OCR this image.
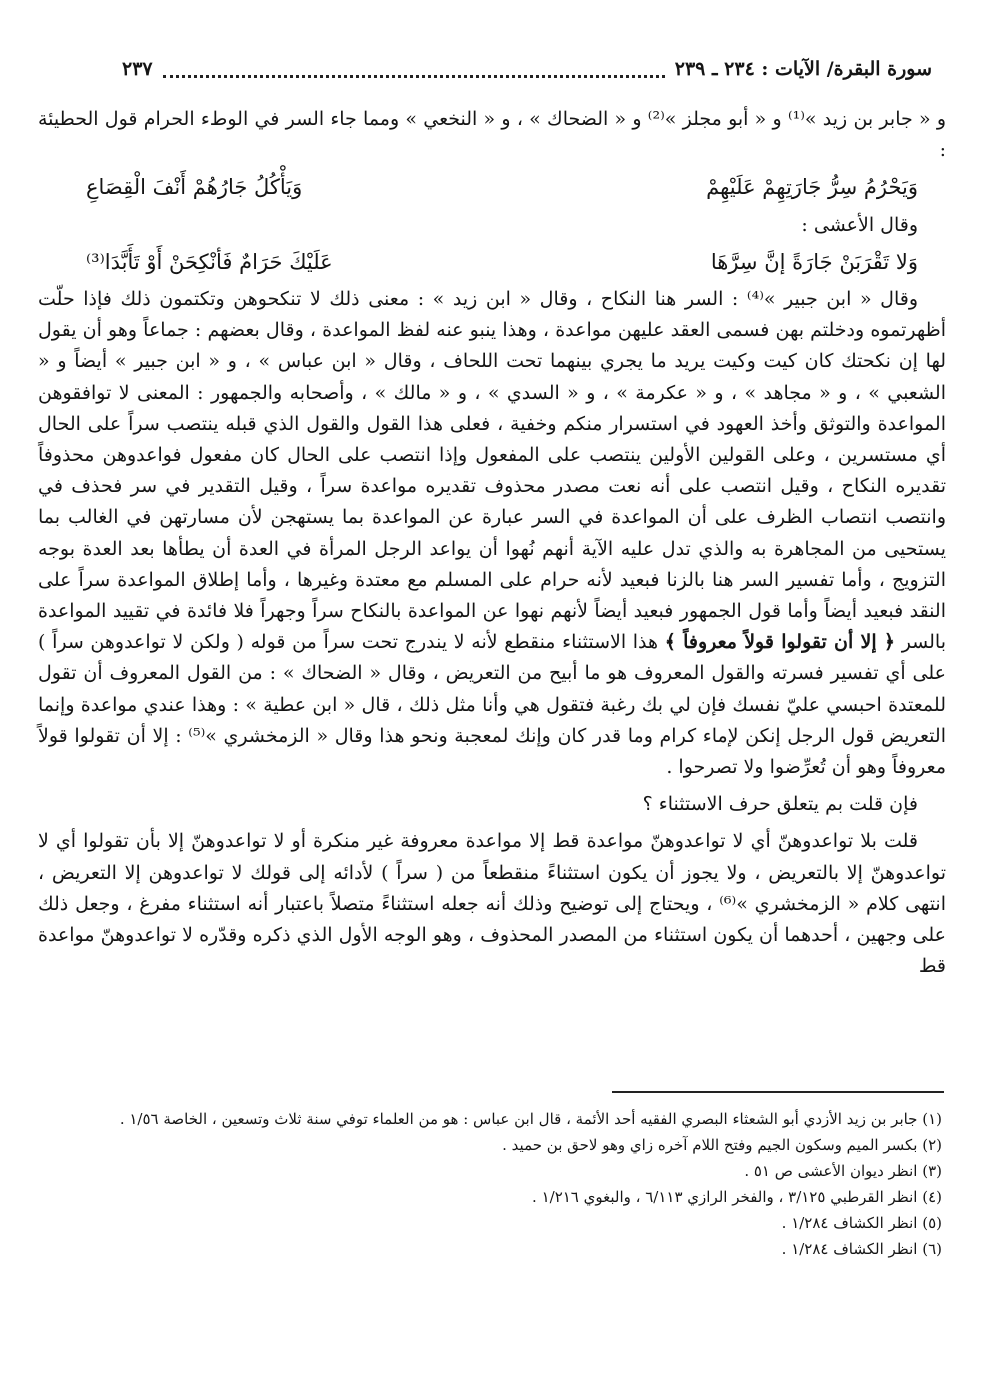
سورة البقرة/ الآيات : ٢٣٤ ـ ٢٣٩
٢٣٧

و « جابر بن زيد »⁽¹⁾ و « أبو مجلز »⁽²⁾ و « الضحاك » ، و « النخعي » ومما جاء السر في الوطء الحرام قول الحطيئة :

وَيَحْرُمُ سِرُّ جَارَتِهِمْ عَلَيْهِمْ
وَيَأْكُلُ جَارُهُمْ أَنْفَ الْقِصَاعِ

وقال الأعشى :

وَلا تَقْرَبَنْ جَارَةً إنَّ سِرَّهَا
عَلَيْكَ حَرَامٌ فَأنْكِحَنْ أَوْ تَأَبَّدَا⁽³⁾

وقال « ابن جبير »⁽⁴⁾ : السر هنا النكاح ، وقال « ابن زيد » : معنى ذلك لا تنكحوهن وتكتمون ذلك فإذا حلّت أظهرتموه ودخلتم بهن فسمى العقد عليهن مواعدة ، وهذا ينبو عنه لفظ المواعدة ، وقال بعضهم : جماعاً وهو أن يقول لها إن نكحتك كان كيت وكيت يريد ما يجري بينهما تحت اللحاف ، وقال « ابن عباس » ، و « ابن جبير » أيضاً و « الشعبي » ، و « مجاهد » ، و « عكرمة » ، و « السدي » ، و « مالك » ، وأصحابه والجمهور : المعنى لا توافقوهن المواعدة والتوثق وأخذ العهود في استسرار منكم وخفية ، فعلى هذا القول والقول الذي قبله ينتصب سراً على الحال أي مستسرين ، وعلى القولين الأولين ينتصب على المفعول وإذا انتصب على الحال كان مفعول فواعدوهن محذوفاً تقديره النكاح ، وقيل انتصب على أنه نعت مصدر محذوف تقديره مواعدة سراً ، وقيل التقدير في سر فحذف في وانتصب انتصاب الظرف على أن المواعدة في السر عبارة عن المواعدة بما يستهجن لأن مسارتهن في الغالب بما يستحيى من المجاهرة به والذي تدل عليه الآية أنهم نُهوا أن يواعد الرجل المرأة في العدة أن يطأها بعد العدة بوجه التزويج ، وأما تفسير السر هنا بالزنا فبعيد لأنه حرام على المسلم مع معتدة وغيرها ، وأما إطلاق المواعدة سراً على النقد فبعيد أيضاً وأما قول الجمهور فبعيد أيضاً لأنهم نهوا عن المواعدة بالنكاح سراً وجهراً فلا فائدة في تقييد المواعدة بالسر ﴿ إلا أن تقولوا قولاً معروفاً ﴾ هذا الاستثناء منقطع لأنه لا يندرج تحت سراً من قوله ( ولكن لا تواعدوهن سراً ) على أي تفسير فسرته والقول المعروف هو ما أبيح من التعريض ، وقال « الضحاك » : من القول المعروف أن تقول للمعتدة احبسي عليّ نفسك فإن لي بك رغبة فتقول هي وأنا مثل ذلك ، قال « ابن عطية » : وهذا عندي مواعدة وإنما التعريض قول الرجل إنكن لإماء كرام وما قدر كان وإنك لمعجبة ونحو هذا وقال « الزمخشري »⁽⁵⁾ : إلا أن تقولوا قولاً معروفاً وهو أن تُعرِّضوا ولا تصرحوا .

فإن قلت بم يتعلق حرف الاستثناء ؟

قلت بلا تواعدوهنّ أي لا تواعدوهنّ مواعدة قط إلا مواعدة معروفة غير منكرة أو لا تواعدوهنّ إلا بأن تقولوا أي لا تواعدوهنّ إلا بالتعريض ، ولا يجوز أن يكون استثناءً منقطعاً من ( سراً ) لأدائه إلى قولك لا تواعدوهن إلا التعريض ، انتهى كلام « الزمخشري »⁽⁶⁾ ، ويحتاج إلى توضيح وذلك أنه جعله استثناءً متصلاً باعتبار أنه استثناء مفرغ ، وجعل ذلك على وجهين ، أحدهما أن يكون استثناء من المصدر المحذوف ، وهو الوجه الأول الذي ذكره وقدّره لا تواعدوهنّ مواعدة قط

(١) جابر بن زيد الأزدي أبو الشعثاء البصري الفقيه أحد الأئمة ، قال ابن عباس : هو من العلماء توفي سنة ثلاث وتسعين ، الخاصة ١/٥٦ .
(٢) بكسر الميم وسكون الجيم وفتح اللام آخره زاي وهو لاحق بن حميد .
(٣) انظر ديوان الأعشى ص ٥١ .
(٤) انظر القرطبي ٣/١٢٥ ، والفخر الرازي ٦/١١٣ ، والبغوي ١/٢١٦ .
(٥) انظر الكشاف ١/٢٨٤ .
(٦) انظر الكشاف ١/٢٨٤ .
